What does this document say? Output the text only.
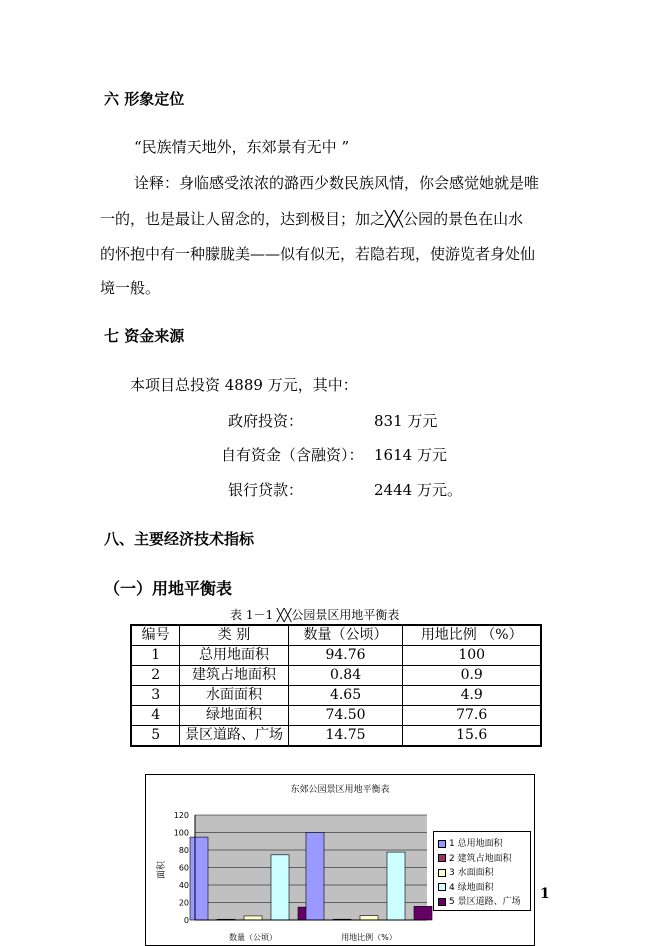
六 形象定位
“民族情天地外，东郊景有无中 ”
诠释：身临感受浓浓的潞西少数民族风情，你会感觉她就是唯
一的，也是最让人留念的，达到极目；加之╳╳公园的景色在山水
的怀抱中有一种朦胧美——似有似无，若隐若现，使游览者身处仙
境一般。
七 资金来源
本项目总投资 4889 万元，其中：
政府投资：	831 万元
自有资金（含融资）： 1614 万元
银行贷款：	2444 万元。
八、主要经济技术指标
（一）用地平衡表
表 1－1 ╳╳公园景区用地平衡表
编号	类 别	数量（公顷）	用地比例 （%）
1	总用地面积	94.76	100
2	建筑占地面积	0.84	0.9
3	水面面积	4.65	4.9
4	绿地面积	74.50	77.6
5	景区道路、广场	14.75	15.6
东郊公园景区用地平衡表
0
20
40
60
80
100
120
数量（公顷）	用地比例（%）
面积
1 总用地面积
2 建筑占地面积
3 水面面积
4 绿地面积
5 景区道路、广场 1
